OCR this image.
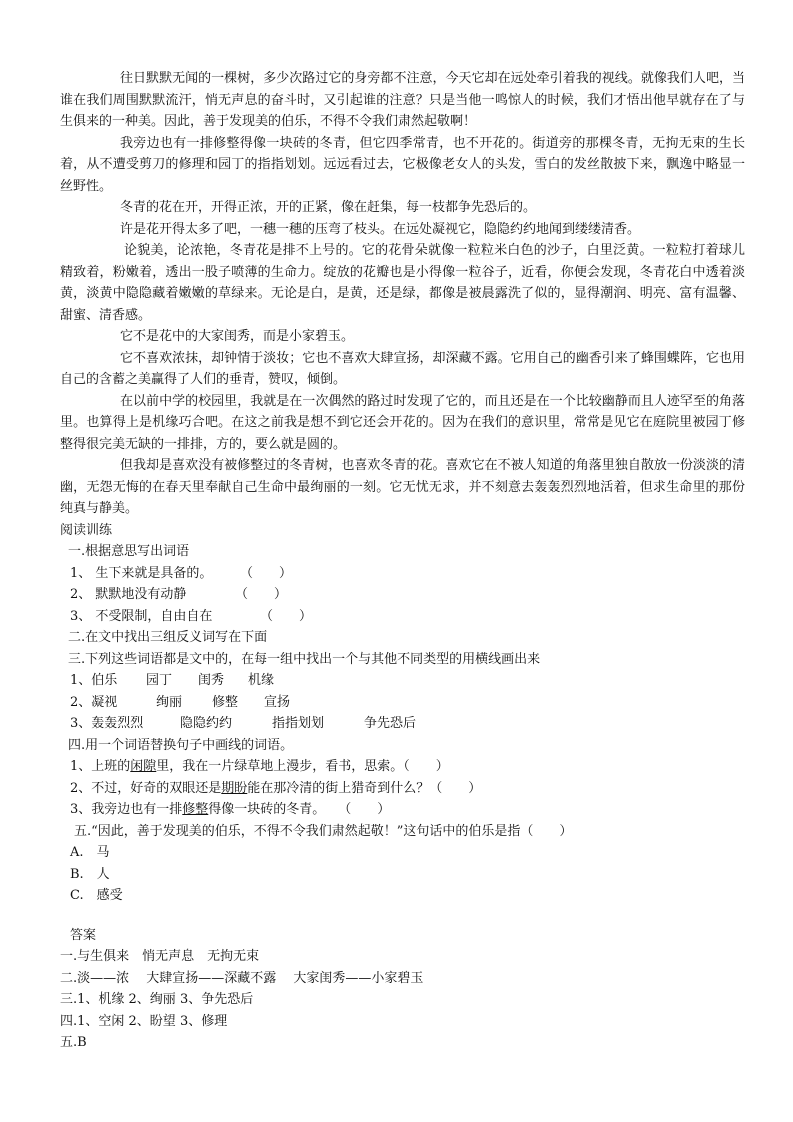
往日默默无闻的一棵树，多少次路过它的身旁都不注意，今天它却在远处牵引着我的视线。就像我们人吧，当谁在我们周围默默流汗，悄无声息的奋斗时，又引起谁的注意？只是当他一鸣惊人的时候，我们才悟出他早就存在了与生俱来的一种美。因此，善于发现美的伯乐，不得不令我们肃然起敬啊！

我旁边也有一排修整得像一块砖的冬青，但它四季常青，也不开花的。街道旁的那棵冬青，无拘无束的生长着，从不遭受剪刀的修理和园丁的指指划划。远远看过去，它极像老女人的头发，雪白的发丝散披下来，飘逸中略显一丝野性。

冬青的花在开，开得正浓，开的正紧，像在赶集，每一枝都争先恐后的。

许是花开得太多了吧，一穗一穗的压弯了枝头。在远处凝视它，隐隐约约地闻到缕缕清香。

论貌美，论浓艳，冬青花是排不上号的。它的花骨朵就像一粒粒米白色的沙子，白里泛黄。一粒粒打着球儿精致着，粉嫩着，透出一股子喷薄的生命力。绽放的花瓣也是小得像一粒谷子，近看，你便会发现，冬青花白中透着淡黄，淡黄中隐隐藏着嫩嫩的草绿来。无论是白，是黄，还是绿，都像是被晨露洗了似的，显得潮润、明亮、富有温馨、甜蜜、清香感。

它不是花中的大家闺秀，而是小家碧玉。

它不喜欢浓抹，却钟情于淡妆；它也不喜欢大肆宣扬，却深藏不露。它用自己的幽香引来了蜂围蝶阵，它也用自己的含蓄之美赢得了人们的垂青，赞叹，倾倒。

在以前中学的校园里，我就是在一次偶然的路过时发现了它的，而且还是在一个比较幽静而且人迹罕至的角落里。也算得上是机缘巧合吧。在这之前我是想不到它还会开花的。因为在我们的意识里，常常是见它在庭院里被园丁修整得很完美无缺的一排排，方的，要么就是圆的。

但我却是喜欢没有被修整过的冬青树，也喜欢冬青的花。喜欢它在不被人知道的角落里独自散放一份淡淡的清幽，无怨无悔的在春天里奉献自己生命中最绚丽的一刻。它无忧无求，并不刻意去轰轰烈烈地活着，但求生命里的那份纯真与静美。

阅读训练

一.根据意思写出词语

1、 生下来就是具备的。 （　　）

2、 默默地没有动静	（　　）

3、 不受限制，自由自在	（　　）

二.在文中找出三组反义词写在下面

三.下列这些词语都是文中的，在每一组中找出一个与其他不同类型的用横线画出来

1、伯乐 园丁 闺秀 机缘

2、凝视	绚丽 修整 宣扬

3、轰轰烈烈	隐隐约约	指指划划	争先恐后

四.用一个词语替换句子中画线的词语。

1、上班的闲隙里，我在一片绿草地上漫步，看书，思索。（　　）

2、不过，好奇的双眼还是期盼能在那冷清的街上猎奇到什么？（　　）

3、我旁边也有一排修整得像一块砖的冬青。　　（　　）

五.“因此，善于发现美的伯乐，不得不令我们肃然起敬！”这句话中的伯乐是指（　　）

A.　马

B.　人

C.　感受

答案

一.与生俱来　悄无声息　无拘无束

二.淡——浓　 大肆宣扬——深藏不露　 大家闺秀——小家碧玉

三.1、机缘 2、绚丽 3、争先恐后

四.1、空闲 2、盼望 3、修理

五.B
